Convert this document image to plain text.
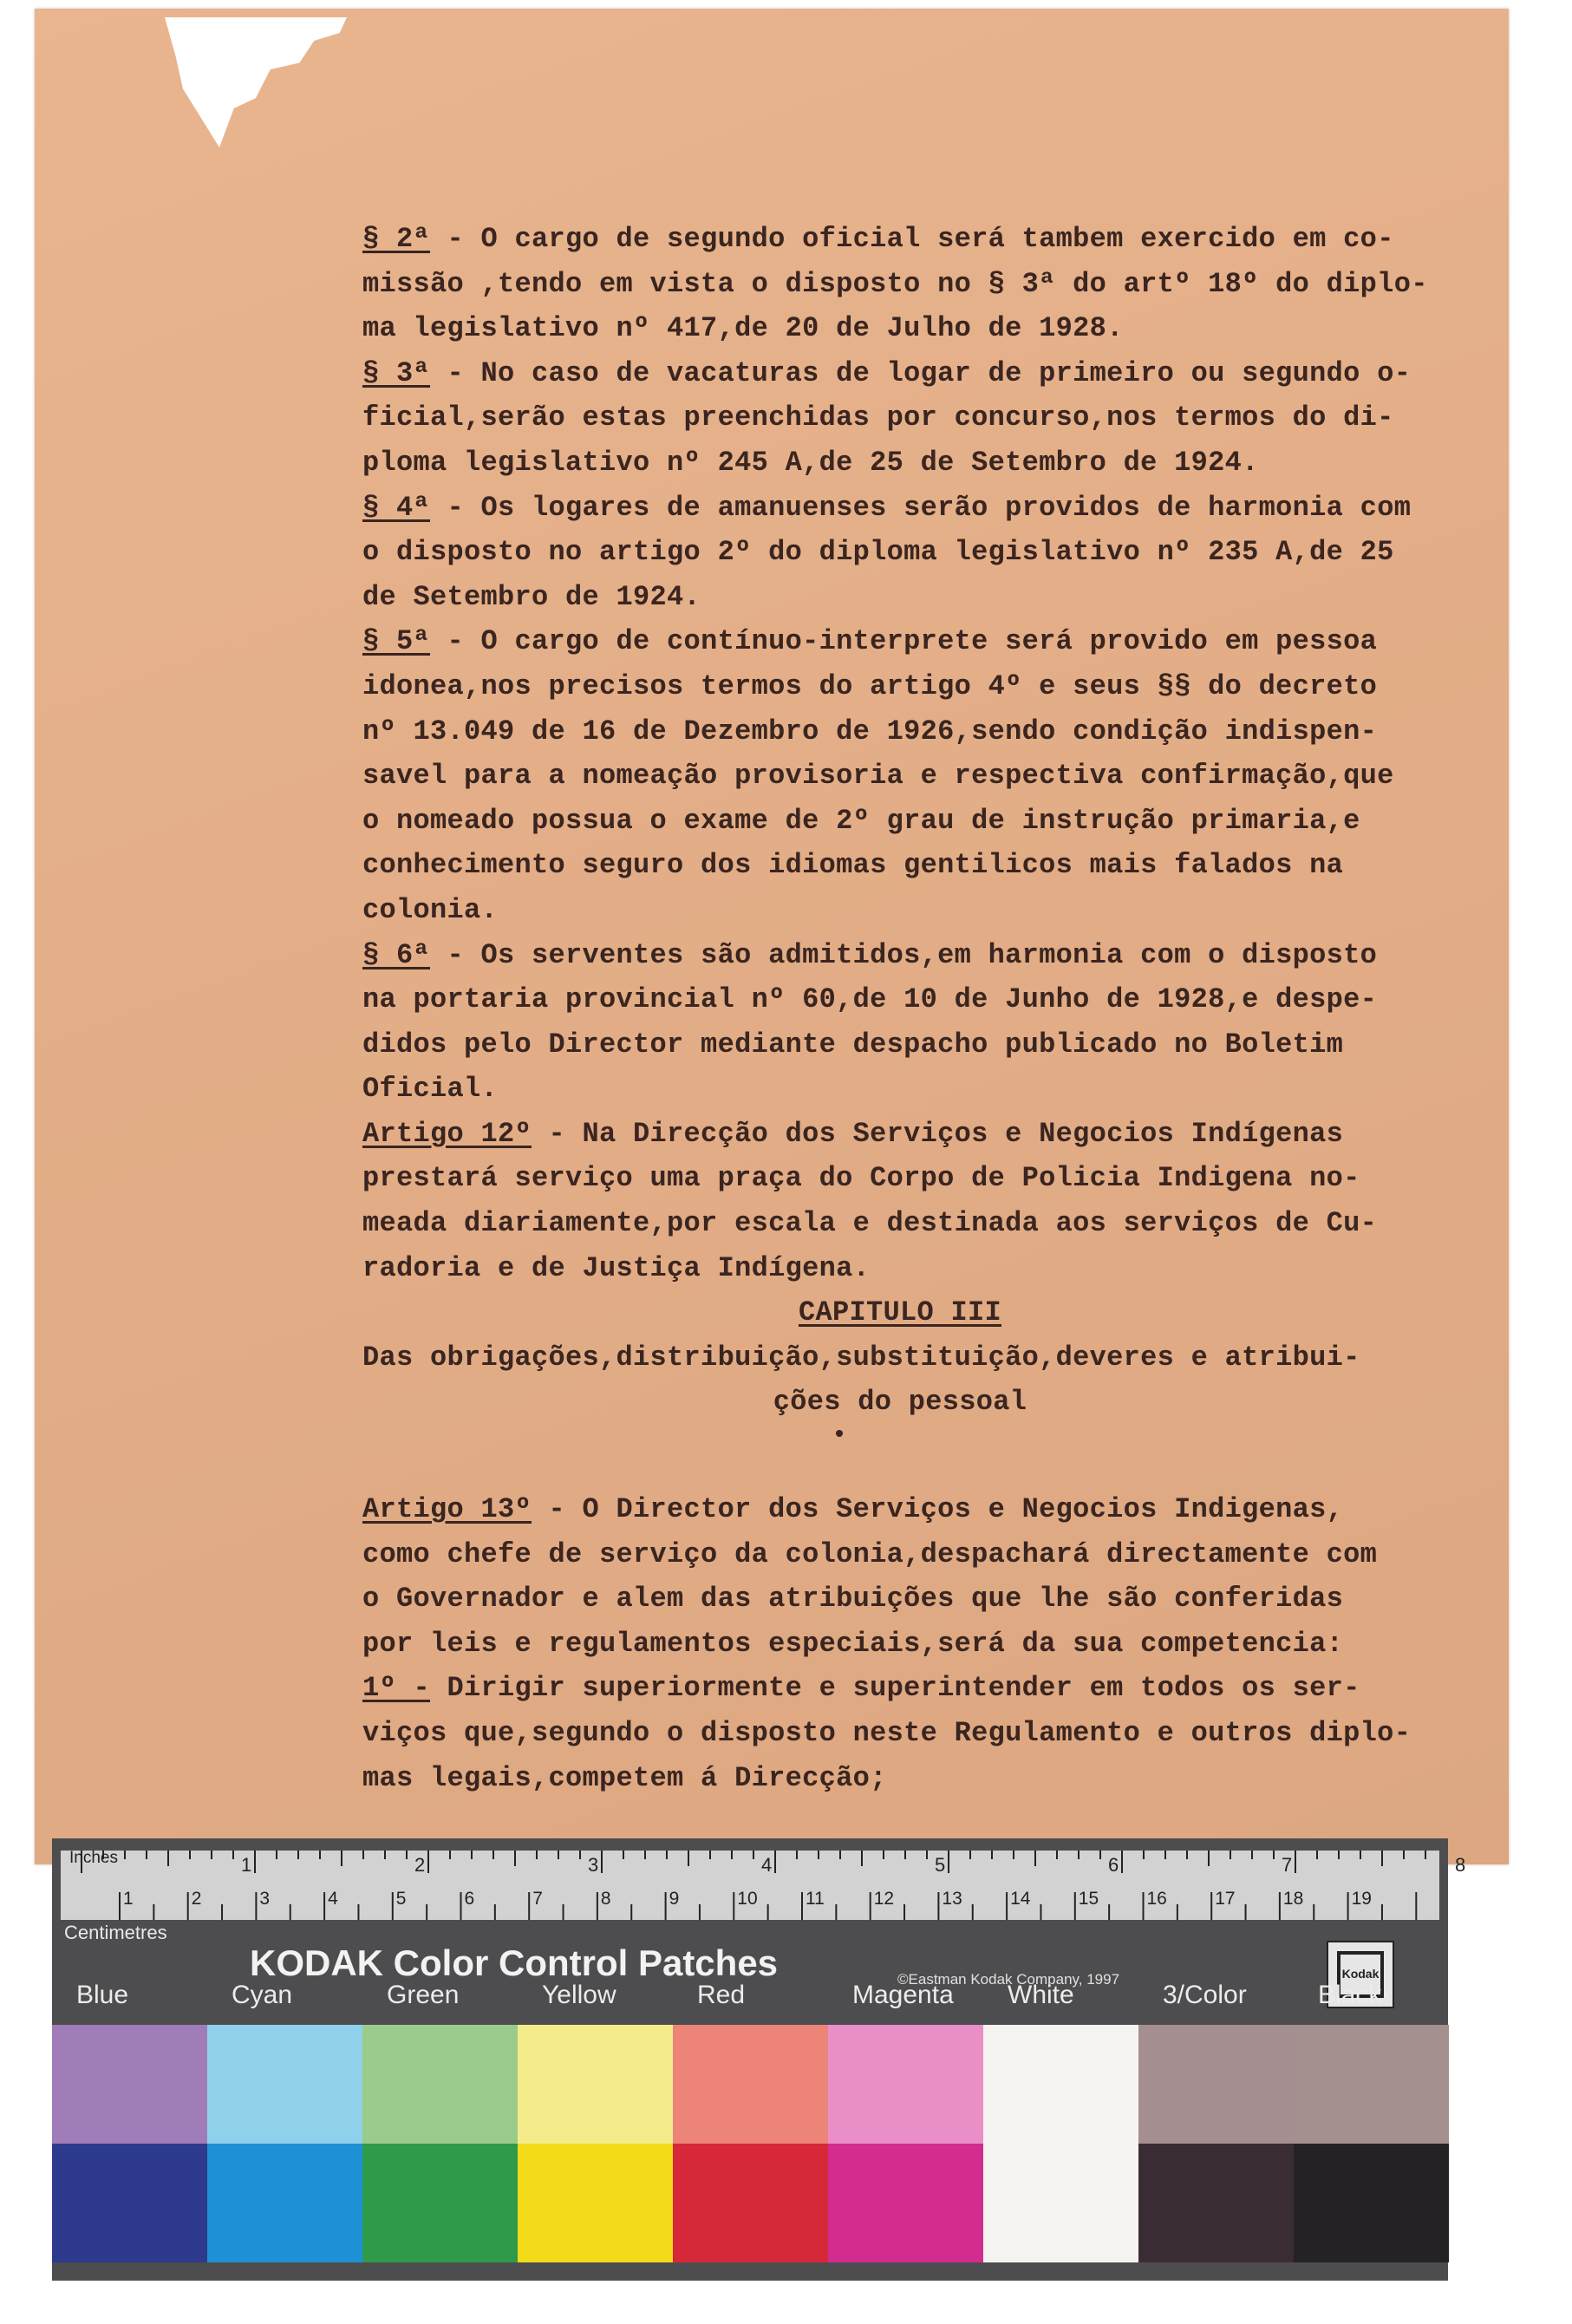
§ 2ª - O cargo de segundo oficial será tambem exercido em co-
missão ,tendo em vista o disposto no § 3ª do artº 18º do diplo-
ma legislativo nº 417,de 20 de Julho de 1928.
§ 3ª - No caso de vacaturas de logar de primeiro ou segundo o-
ficial,serão estas preenchidas por concurso,nos termos do di-
ploma legislativo nº 245 A,de 25 de Setembro de 1924.
§ 4ª - Os logares de amanuenses serão providos de harmonia com
o disposto no artigo 2º do diploma legislativo nº 235 A,de 25
de Setembro de 1924.
§ 5ª - O cargo de contínuo-interprete será provido em pessoa
idonea,nos precisos termos do artigo 4º e seus §§ do decreto
nº 13.049 de 16 de Dezembro de 1926,sendo condição indispen-
savel para a nomeação provisoria e respectiva confirmação,que
o nomeado possua o exame de 2º grau de instrução primaria,e
conhecimento seguro dos idiomas gentilicos mais falados na
colonia.
§ 6ª - Os serventes são admitidos,em harmonia com o disposto
na portaria provincial nº 60,de 10 de Junho de 1928,e despe-
didos pelo Director mediante despacho publicado no Boletim
Oficial.
Artigo 12º - Na Direcção dos Serviços e Negocios Indígenas
prestará serviço uma praça do Corpo de Policia Indigena no-
meada diariamente,por escala e destinada aos serviços de Cu-
radoria e de Justiça Indígena.
CAPITULO III
Das obrigações,distribuição,substituição,deveres e atribui-
ções do pessoal
Artigo 13º - O Director dos Serviços e Negocios Indigenas,
como chefe de serviço da colonia,despachará directamente com
o Governador e alem das atribuições que lhe são conferidas
por leis e regulamentos especiais,será da sua competencia:
1º - Dirigir superiormente e superintender em todos os ser-
viços que,segundo o disposto neste Regulamento e outros diplo-
mas legais,competem á Direcção;
1	2	3	4	5	6	7	8
1	2	3	4	5	6	7	8	9	10	11	12	13	14	15	16	17	18	19
Inches
Centimetres
KODAK Color Control Patches	©Eastman Kodak Company, 1997	Kodak
Blue	Cyan	Green	Yellow	Red	Magenta White	3/Color	Black
